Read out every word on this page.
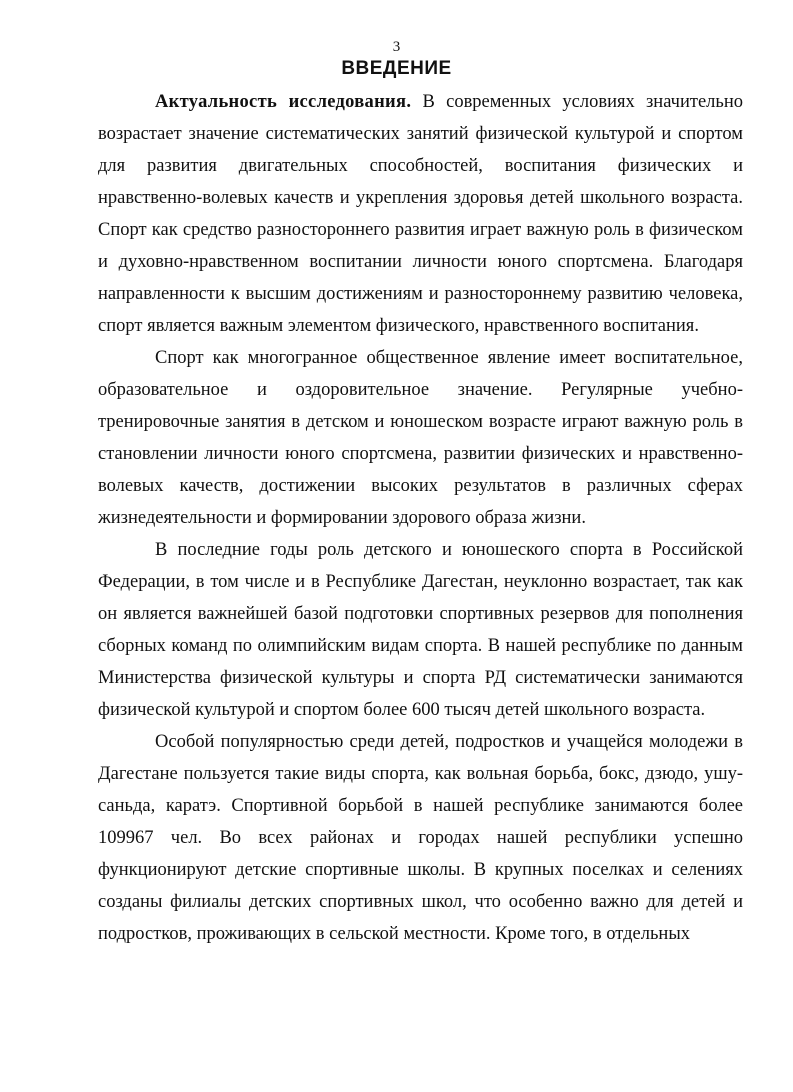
3
ВВЕДЕНИЕ

Актуальность исследования. В современных условиях значительно возрастает значение систематических занятий физической культурой и спортом для развития двигательных способностей, воспитания физических и нравственно-волевых качеств и укрепления здоровья детей школьного возраста. Спорт как средство разностороннего развития играет важную роль в физическом и духовно-нравственном воспитании личности юного спортсмена. Благодаря направленности к высшим достижениям и разностороннему развитию человека, спорт является важным элементом физического, нравственного воспитания.

Спорт как многогранное общественное явление имеет воспитательное, образовательное и оздоровительное значение. Регулярные учебно-тренировочные занятия в детском и юношеском возрасте играют важную роль в становлении личности юного спортсмена, развитии физических и нравственно-волевых качеств, достижении высоких результатов в различных сферах жизнедеятельности и формировании здорового образа жизни.

В последние годы роль детского и юношеского спорта в Российской Федерации, в том числе и в Республике Дагестан, неуклонно возрастает, так как он является важнейшей базой подготовки спортивных резервов для пополнения сборных команд по олимпийским видам спорта. В нашей республике по данным Министерства физической культуры и спорта РД систематически занимаются физической культурой и спортом более 600 тысяч детей школьного возраста.

Особой популярностью среди детей, подростков и учащейся молодежи в Дагестане пользуется такие виды спорта, как вольная борьба, бокс, дзюдо, ушу-саньда, каратэ. Спортивной борьбой в нашей республике занимаются более 109967 чел. Во всех районах и городах нашей республики успешно функционируют детские спортивные школы. В крупных поселках и селениях созданы филиалы детских спортивных школ, что особенно важно для детей и подростков, проживающих в сельской местности. Кроме того, в отдельных
